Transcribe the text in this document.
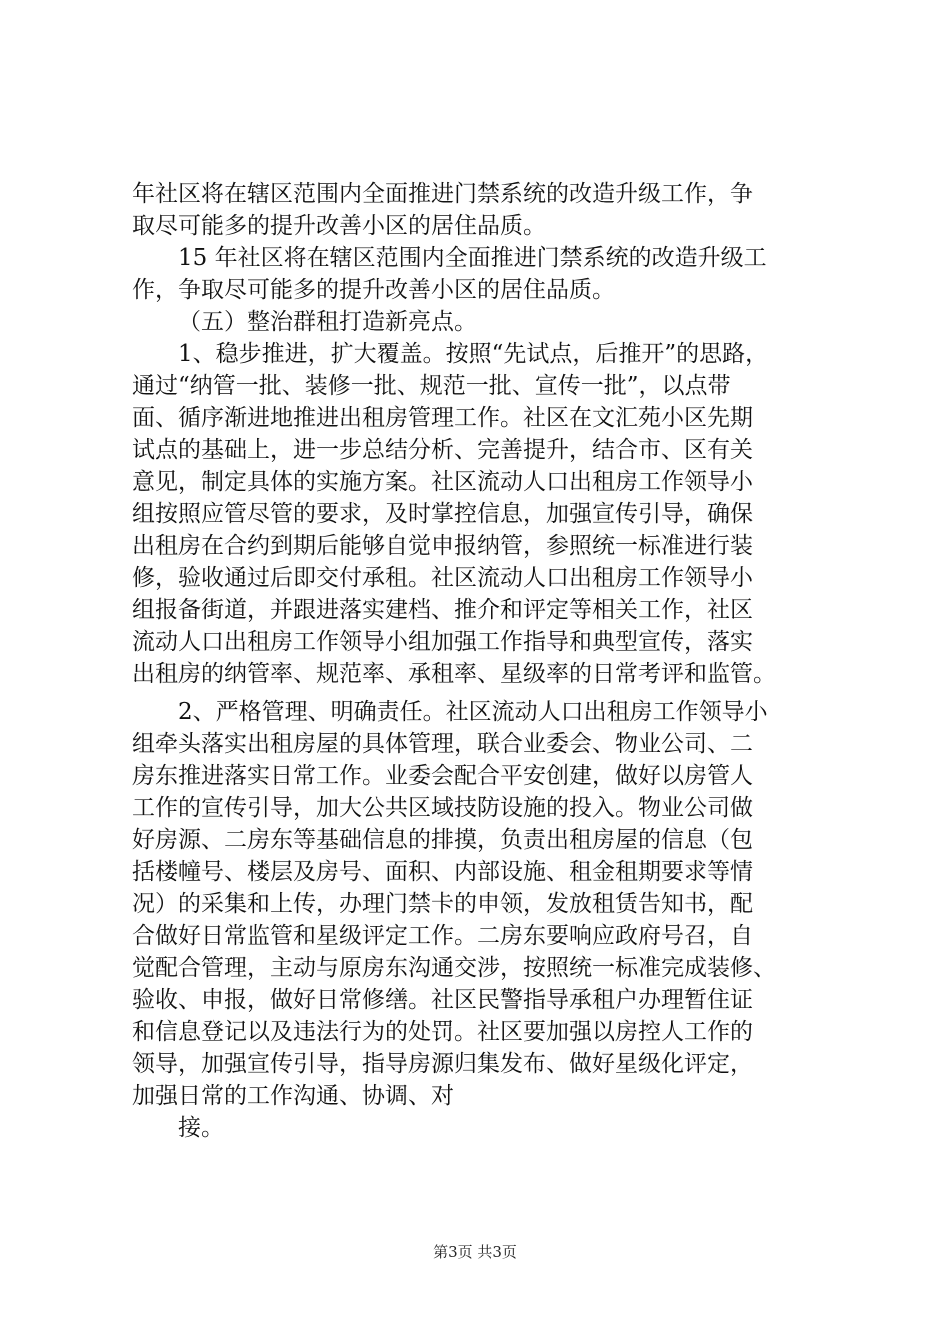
年社区将在辖区范围内全面推进门禁系统的改造升级工作，争
取尽可能多的提升改善小区的居住品质。
15 年社区将在辖区范围内全面推进门禁系统的改造升级工
作，争取尽可能多的提升改善小区的居住品质。
（五）整治群租打造新亮点。
1、稳步推进，扩大覆盖。按照“先试点，后推开”的思路，
通过“纳管一批、装修一批、规范一批、宣传一批”，以点带
面、循序渐进地推进出租房管理工作。社区在文汇苑小区先期
试点的基础上，进一步总结分析、完善提升，结合市、区有关
意见，制定具体的实施方案。社区流动人口出租房工作领导小
组按照应管尽管的要求，及时掌控信息，加强宣传引导，确保
出租房在合约到期后能够自觉申报纳管，参照统一标准进行装
修，验收通过后即交付承租。社区流动人口出租房工作领导小
组报备街道，并跟进落实建档、推介和评定等相关工作，社区
流动人口出租房工作领导小组加强工作指导和典型宣传，落实
出租房的纳管率、规范率、承租率、星级率的日常考评和监管。
2、严格管理、明确责任。社区流动人口出租房工作领导小
组牵头落实出租房屋的具体管理，联合业委会、物业公司、二
房东推进落实日常工作。业委会配合平安创建，做好以房管人
工作的宣传引导，加大公共区域技防设施的投入。物业公司做
好房源、二房东等基础信息的排摸，负责出租房屋的信息（包
括楼幢号、楼层及房号、面积、内部设施、租金租期要求等情
况）的采集和上传，办理门禁卡的申领，发放租赁告知书，配
合做好日常监管和星级评定工作。二房东要响应政府号召，自
觉配合管理，主动与原房东沟通交涉，按照统一标准完成装修、
验收、申报，做好日常修缮。社区民警指导承租户办理暂住证
和信息登记以及违法行为的处罚。社区要加强以房控人工作的
领导，加强宣传引导，指导房源归集发布、做好星级化评定，
加强日常的工作沟通、协调、对
接。
第3页 共3页
